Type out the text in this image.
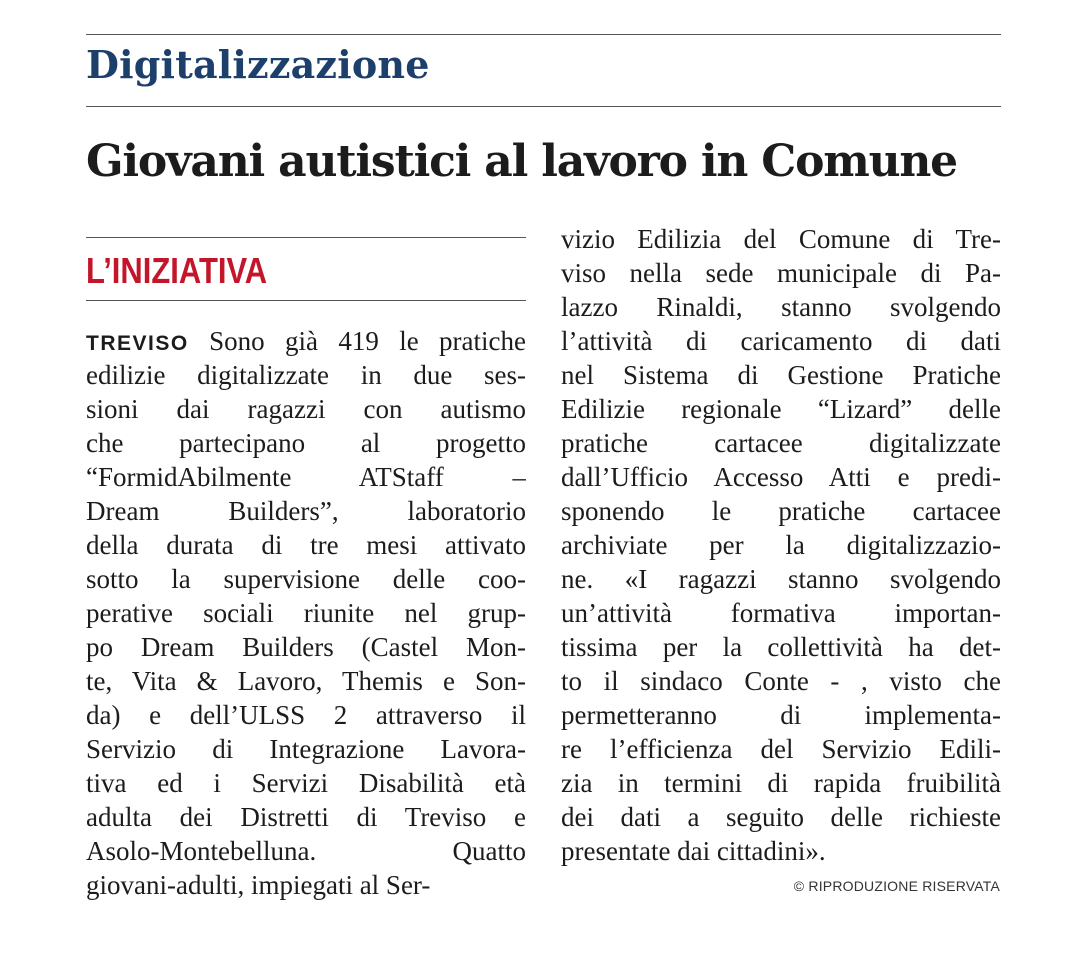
Digitalizzazione
Giovani autistici al lavoro in Comune
L’INIZIATIVA
TREVISO Sono già 419 le pratiche
edilizie digitalizzate in due ses-
sioni dai ragazzi con autismo
che partecipano al progetto
“FormidAbilmente ATStaff –
Dream Builders”, laboratorio
della durata di tre mesi attivato
sotto la supervisione delle coo-
perative sociali riunite nel grup-
po Dream Builders (Castel Mon-
te, Vita & Lavoro, Themis e Son-
da) e dell’ULSS 2 attraverso il
Servizio di Integrazione Lavora-
tiva ed i Servizi Disabilità età
adulta dei Distretti di Treviso e
Asolo-Montebelluna. Quatto
giovani-adulti, impiegati al Ser-
vizio Edilizia del Comune di Tre-
viso nella sede municipale di Pa-
lazzo Rinaldi, stanno svolgendo
l’attività di caricamento di dati
nel Sistema di Gestione Pratiche
Edilizie regionale “Lizard” delle
pratiche cartacee digitalizzate
dall’Ufficio Accesso Atti e predi-
sponendo le pratiche cartacee
archiviate per la digitalizzazio-
ne. «I ragazzi stanno svolgendo
un’attività formativa importan-
tissima per la collettività ha det-
to il sindaco Conte - , visto che
permetteranno di implementa-
re l’efficienza del Servizio Edili-
zia in termini di rapida fruibilità
dei dati a seguito delle richieste
presentate dai cittadini».
© RIPRODUZIONE RISERVATA
